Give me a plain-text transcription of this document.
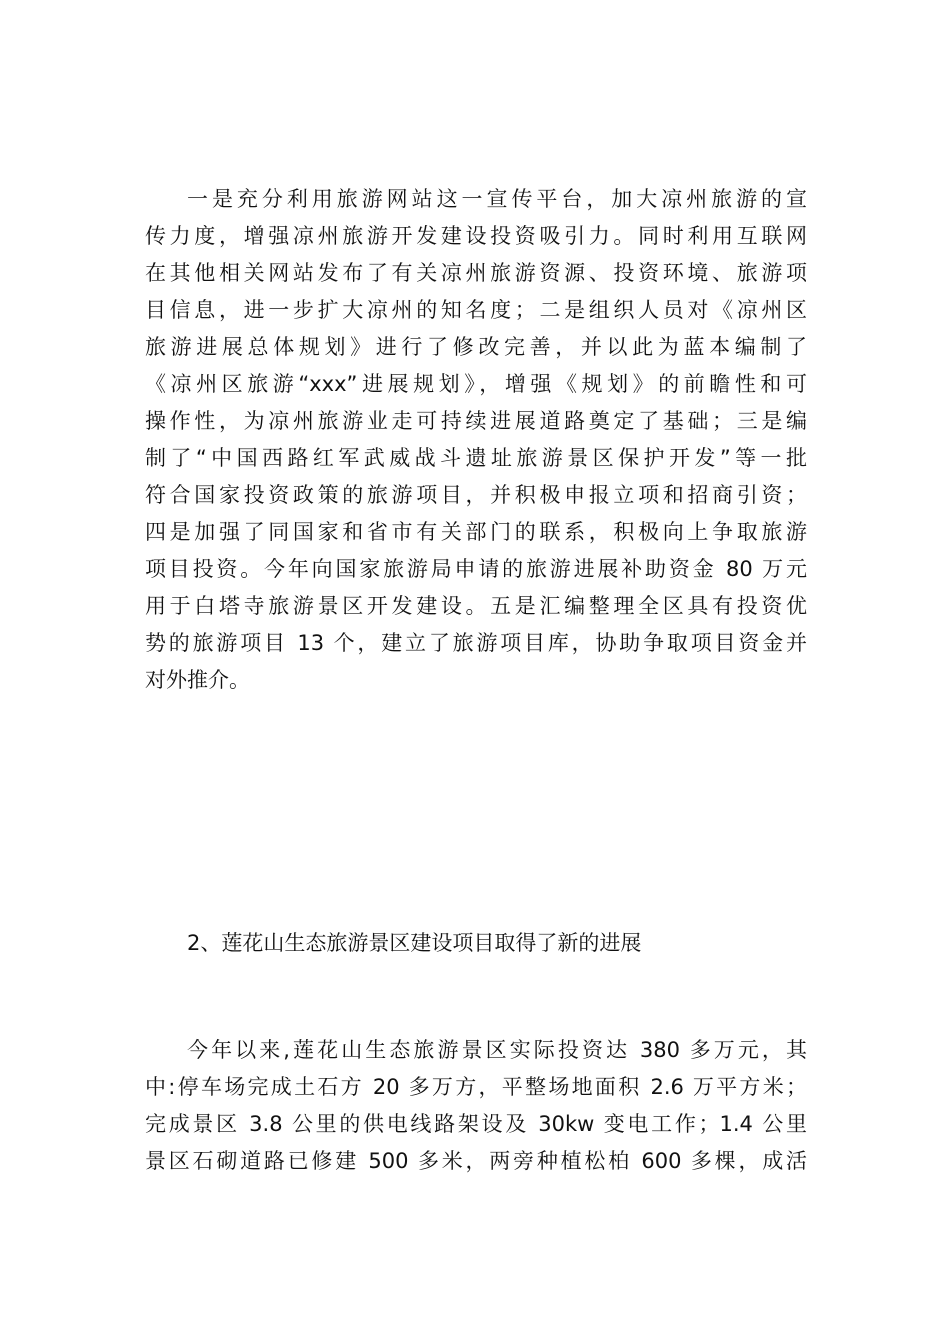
一是充分利用旅游网站这一宣传平台，加大凉州旅游的宣
传力度，增强凉州旅游开发建设投资吸引力。同时利用互联网
在其他相关网站发布了有关凉州旅游资源、投资环境、旅游项
目信息，进一步扩大凉州的知名度；二是组织人员对《凉州区
旅游进展总体规划》进行了修改完善，并以此为蓝本编制了
《凉州区旅游“xxx”进展规划》，增强《规划》的前瞻性和可
操作性，为凉州旅游业走可持续进展道路奠定了基础；三是编
制了“中国西路红军武威战斗遗址旅游景区保护开发”等一批
符合国家投资政策的旅游项目，并积极申报立项和招商引资；
四是加强了同国家和省市有关部门的联系，积极向上争取旅游
项目投资。今年向国家旅游局申请的旅游进展补助资金 80 万元
用于白塔寺旅游景区开发建设。五是汇编整理全区具有投资优
势的旅游项目 13 个，建立了旅游项目库，协助争取项目资金并
对外推介。
2、莲花山生态旅游景区建设项目取得了新的进展
今年以来,莲花山生态旅游景区实际投资达 380 多万元，其
中:停车场完成土石方 20 多万方，平整场地面积 2.6 万平方米；
完成景区 3.8 公里的供电线路架设及 30kw 变电工作；1.4 公里
景区石砌道路已修建 500 多米，两旁种植松柏 600 多棵，成活
